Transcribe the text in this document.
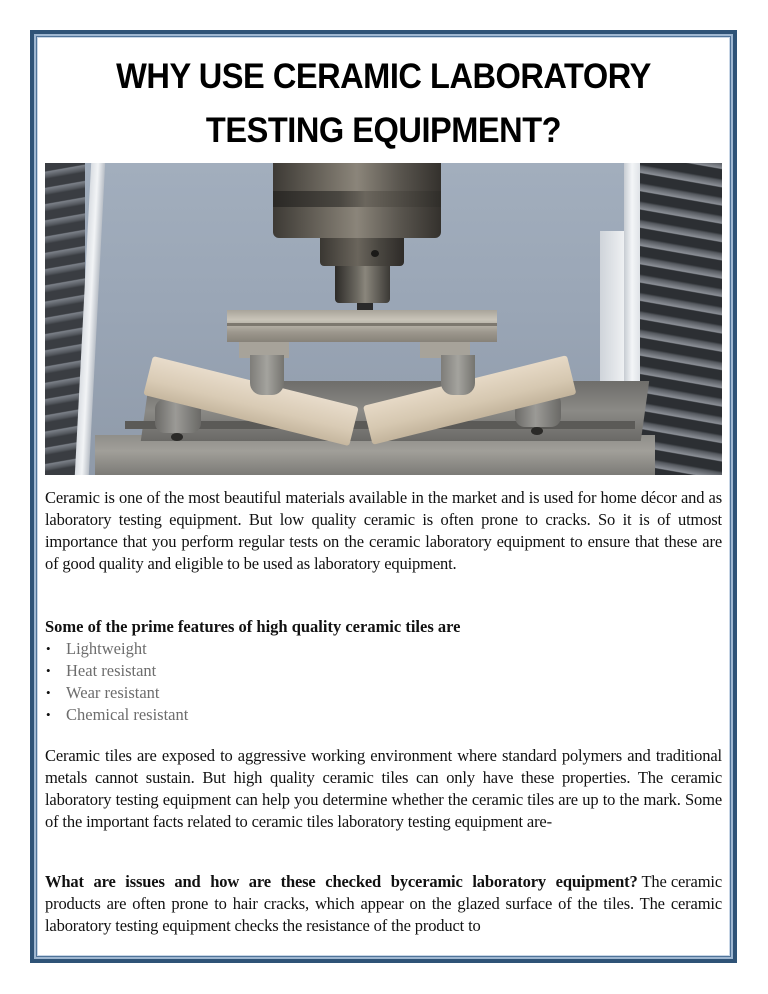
WHY USE CERAMIC LABORATORY
TESTING EQUIPMENT?

Ceramic is one of the most beautiful materials available in the market and is used for home décor and as laboratory testing equipment. But low quality ceramic is often prone to cracks. So it is of utmost importance that you perform regular tests on the ceramic laboratory equipment to ensure that these are of good quality and eligible to be used as laboratory equipment.

Some of the prime features of high quality ceramic tiles are
• Lightweight
• Heat resistant
• Wear resistant
• Chemical resistant

Ceramic tiles are exposed to aggressive working environment where standard polymers and traditional metals cannot sustain. But high quality ceramic tiles can only have these properties. The ceramic laboratory testing equipment can help you determine whether the ceramic tiles are up to the mark. Some of the important facts related to ceramic tiles laboratory testing equipment are-

What are issues and how are these checked byceramic laboratory equipment? The ceramic products are often prone to hair cracks, which appear on the glazed surface of the tiles. The ceramic laboratory testing equipment checks the resistance of the product to
